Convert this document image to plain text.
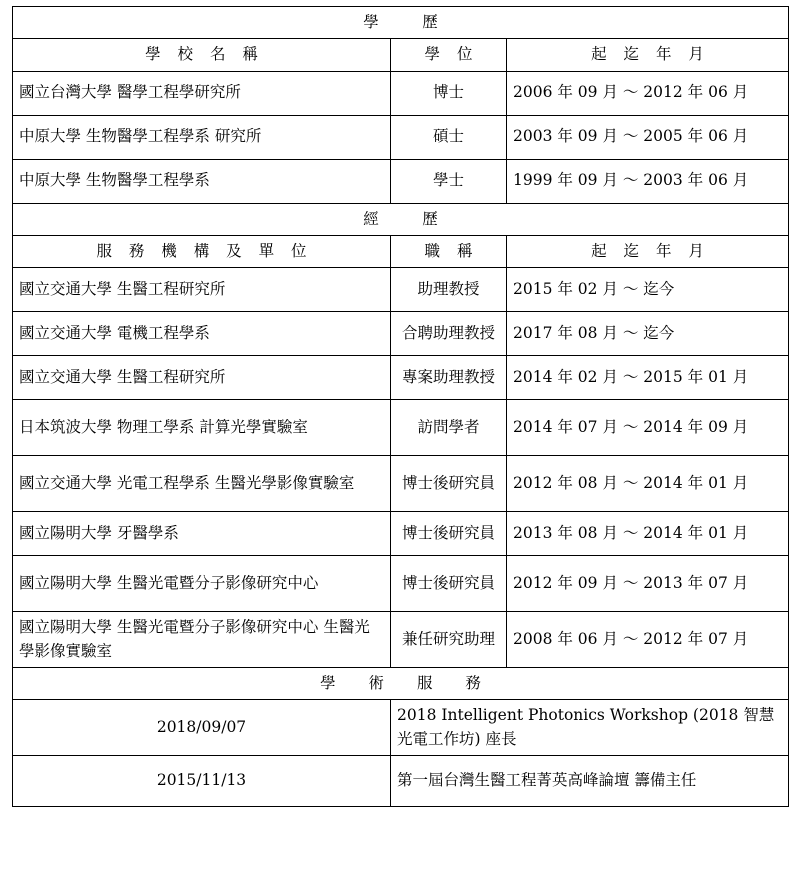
學　歷		
學 校 名 稱	學 位	起 迄 年 月
國立台灣大學 醫學工程學研究所	博士	2006 年 09 月 ～ 2012 年 06 月
中原大學 生物醫學工程學系 研究所	碩士	2003 年 09 月 ～ 2005 年 06 月
中原大學 生物醫學工程學系	學士	1999 年 09 月 ～ 2003 年 06 月
經　歷		
服 務 機 構 及 單 位	職 稱	起 迄 年 月
國立交通大學 生醫工程研究所	助理教授	2015 年 02 月 ～ 迄今
國立交通大學 電機工程學系	合聘助理教授	2017 年 08 月 ～ 迄今
國立交通大學 生醫工程研究所	專案助理教授	2014 年 02 月 ～ 2015 年 01 月
日本筑波大學 物理工學系 計算光學實驗室	訪問學者	2014 年 07 月 ～ 2014 年 09 月
國立交通大學 光電工程學系 生醫光學影像實驗室	博士後研究員	2012 年 08 月 ～ 2014 年 01 月
國立陽明大學 牙醫學系	博士後研究員	2013 年 08 月 ～ 2014 年 01 月
國立陽明大學 生醫光電暨分子影像研究中心	博士後研究員	2012 年 09 月 ～ 2013 年 07 月
國立陽明大學 生醫光電暨分子影像研究中心 生醫光學影像實驗室	兼任研究助理	2008 年 06 月 ～ 2012 年 07 月
學 術 服 務		
2018/09/07	2018 Intelligent Photonics Workshop (2018 智慧光電工作坊) 座長	
2015/11/13	第一屆台灣生醫工程菁英高峰論壇 籌備主任	
